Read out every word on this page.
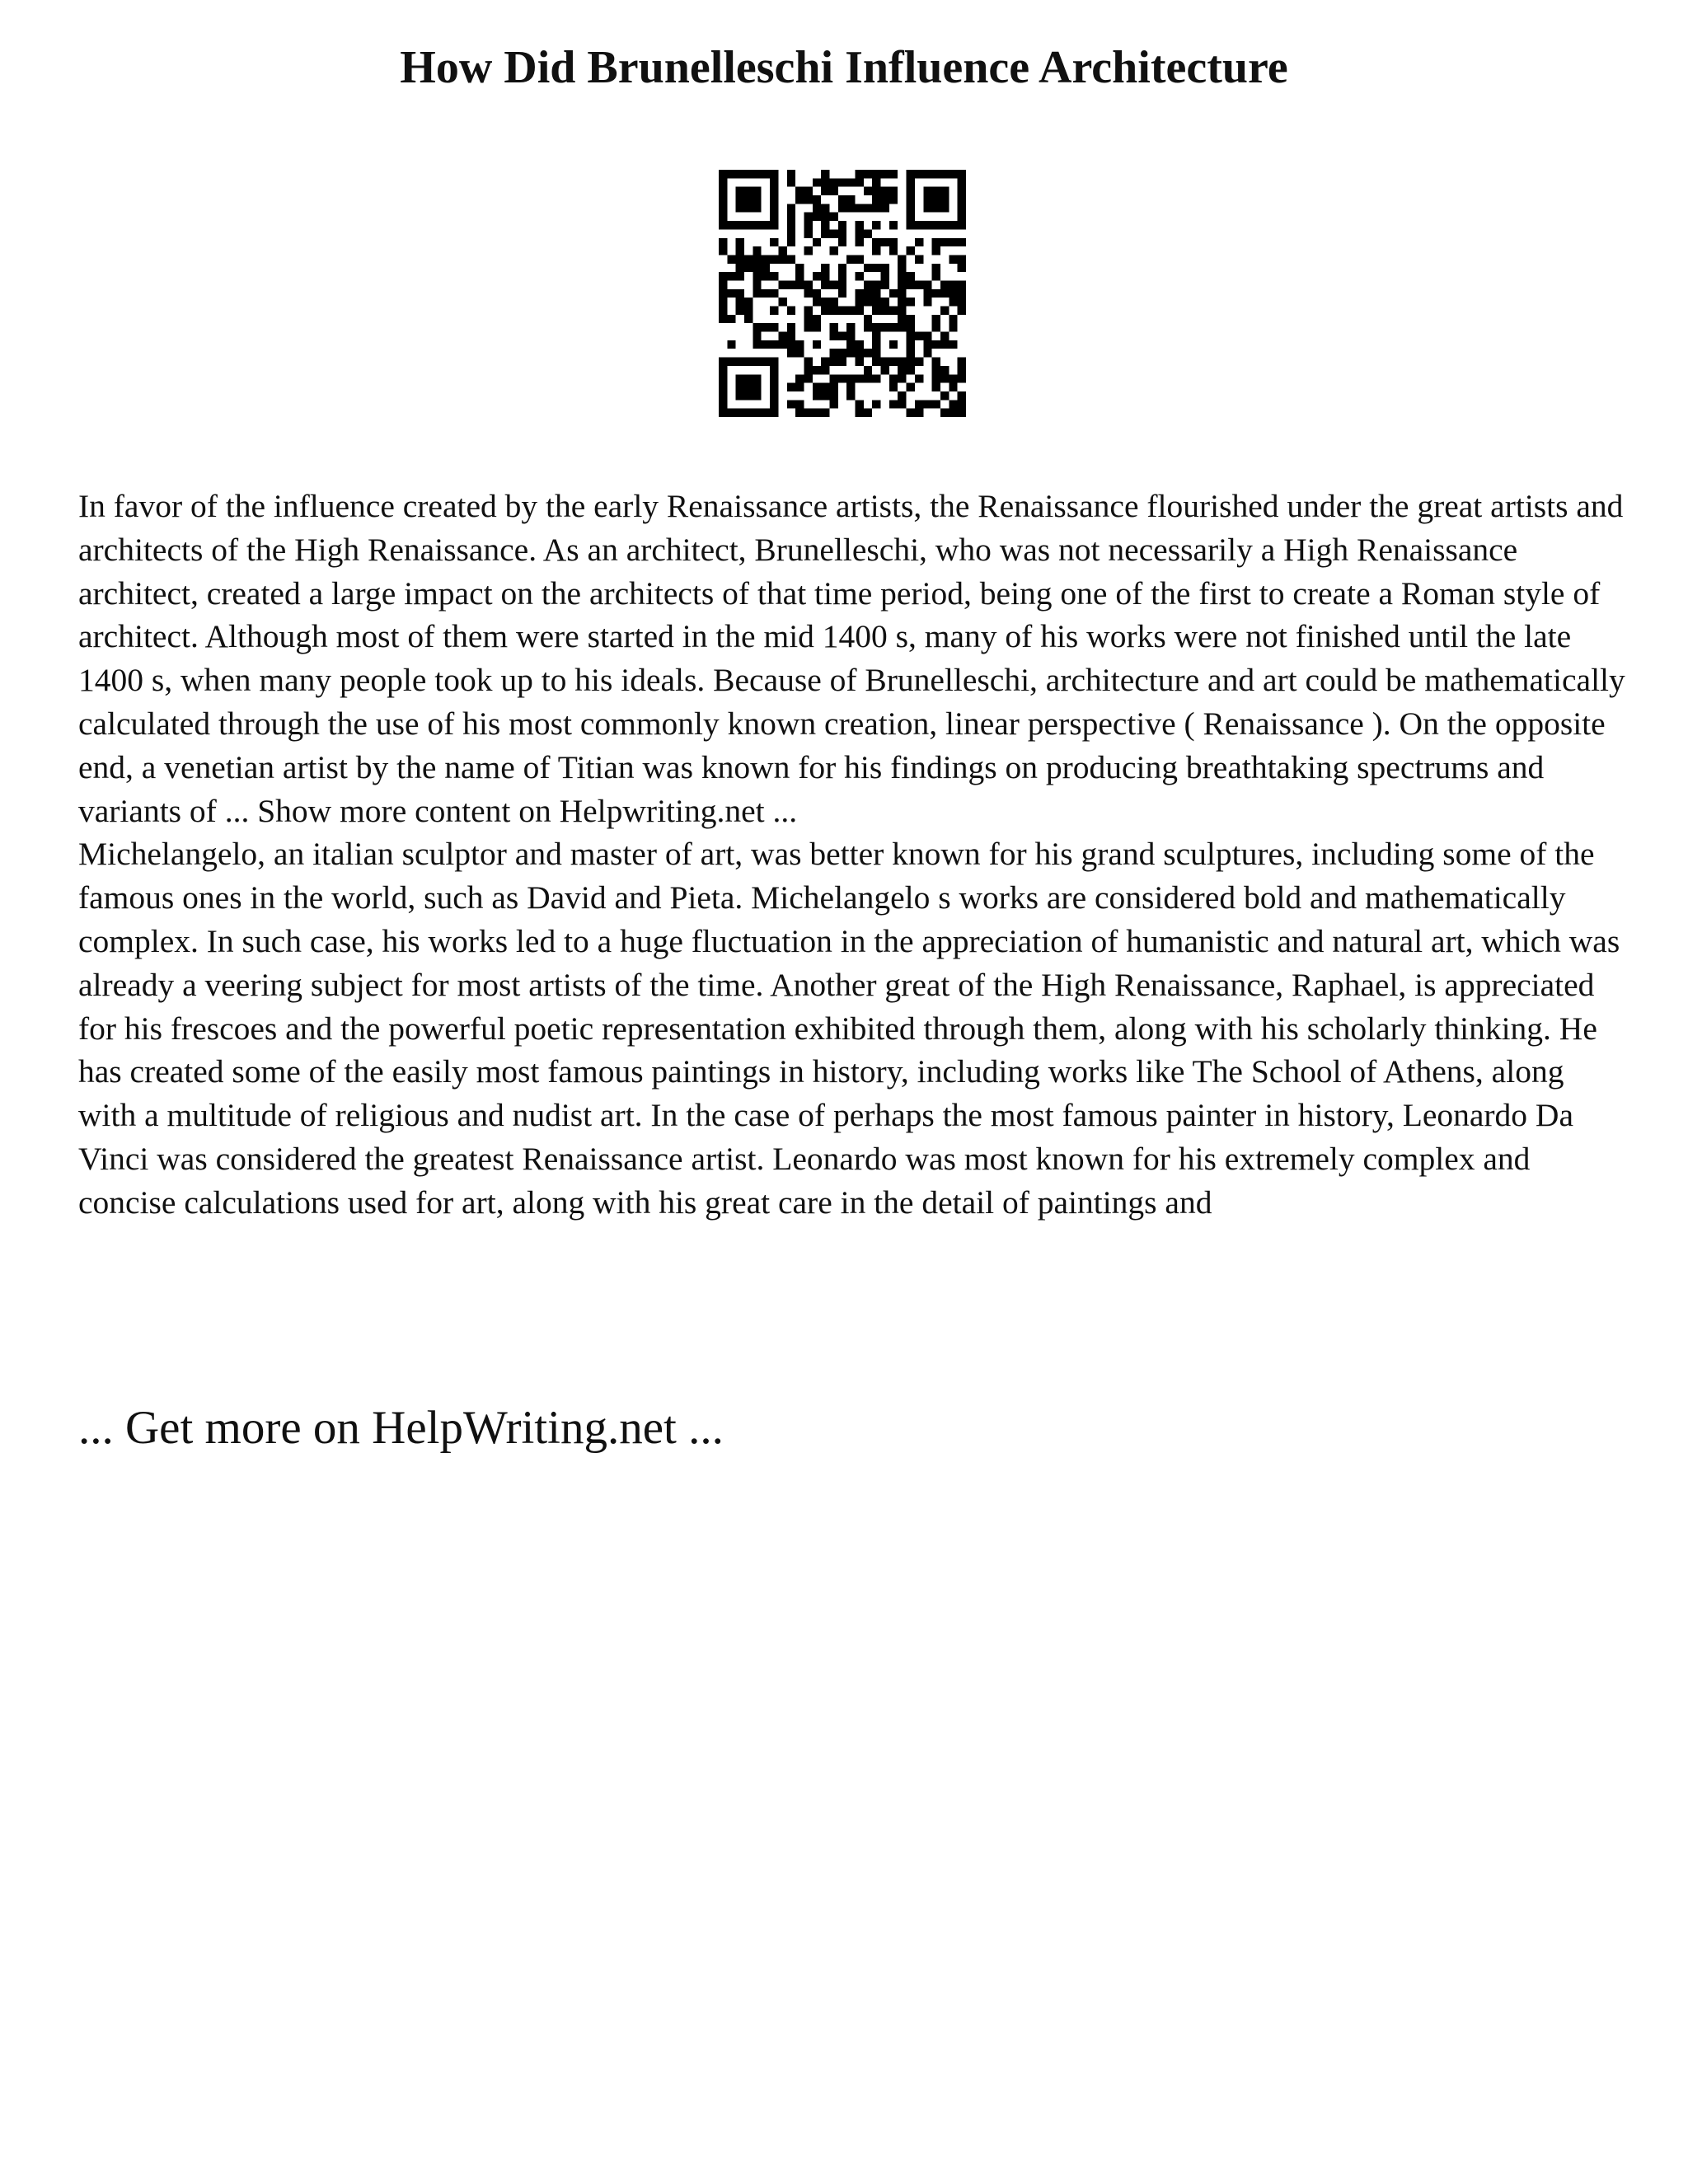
How Did Brunelleschi Influence Architecture

In favor of the influence created by the early Renaissance artists, the Renaissance flourished under the great artists and architects of the High Renaissance. As an architect, Brunelleschi, who was not necessarily a High Renaissance architect, created a large impact on the architects of that time period, being one of the first to create a Roman style of architect. Although most of them were started in the mid 1400 s, many of his works were not finished until the late 1400 s, when many people took up to his ideals. Because of Brunelleschi, architecture and art could be mathematically calculated through the use of his most commonly known creation, linear perspective ( Renaissance ). On the opposite end, a venetian artist by the name of Titian was known for his findings on producing breathtaking spectrums and variants of ... Show more content on Helpwriting.net ...

Michelangelo, an italian sculptor and master of art, was better known for his grand sculptures, including some of the famous ones in the world, such as David and Pieta. Michelangelo s works are considered bold and mathematically complex. In such case, his works led to a huge fluctuation in the appreciation of humanistic and natural art, which was already a veering subject for most artists of the time. Another great of the High Renaissance, Raphael, is appreciated for his frescoes and the powerful poetic representation exhibited through them, along with his scholarly thinking. He has created some of the easily most famous paintings in history, including works like The School of Athens, along with a multitude of religious and nudist art. In the case of perhaps the most famous painter in history, Leonardo Da Vinci was considered the greatest Renaissance artist. Leonardo was most known for his extremely complex and concise calculations used for art, along with his great care in the detail of paintings and

... Get more on HelpWriting.net ...
